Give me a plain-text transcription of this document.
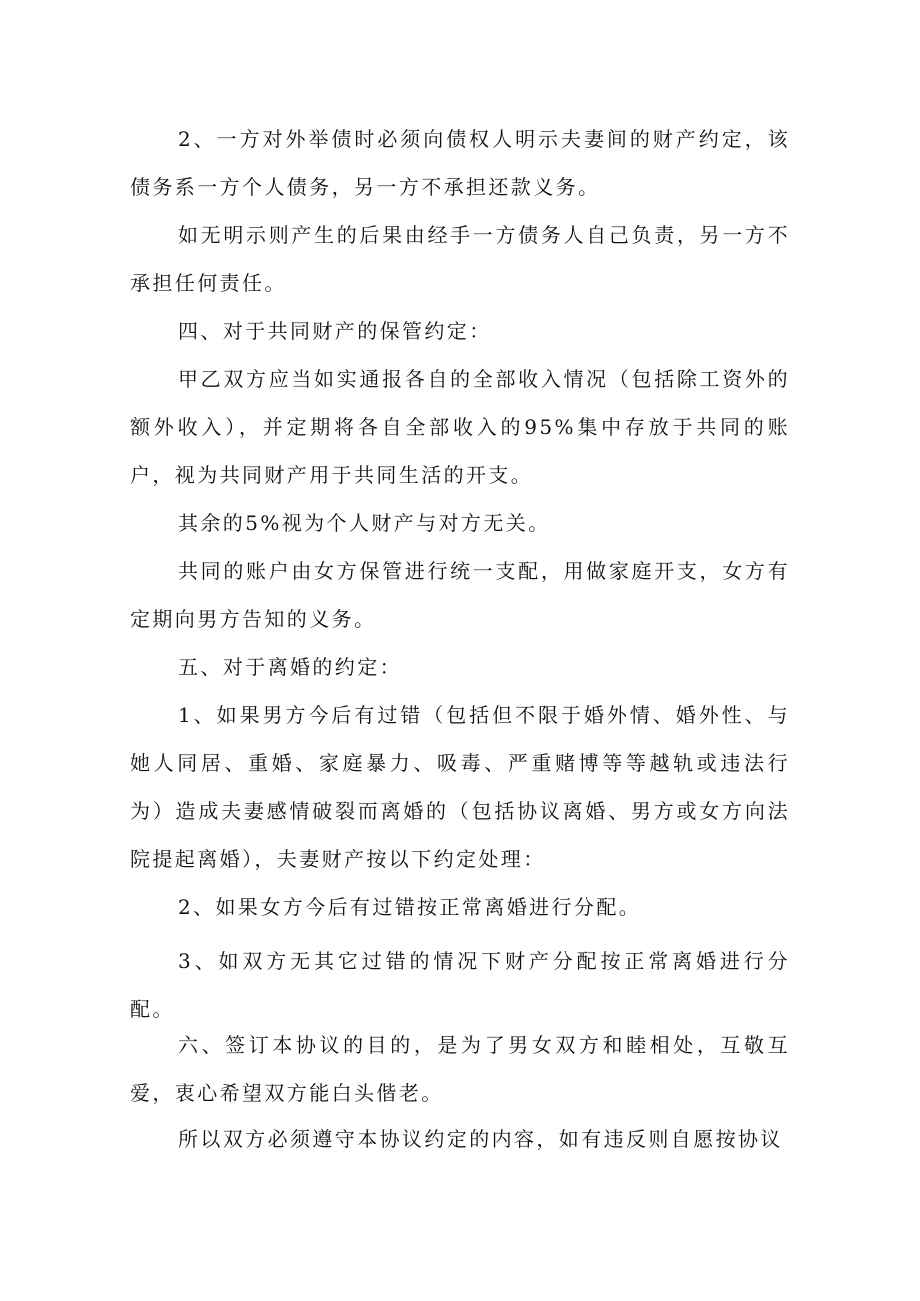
2、一方对外举债时必须向债权人明示夫妻间的财产约定，该债务系一方个人债务，另一方不承担还款义务。

如无明示则产生的后果由经手一方债务人自己负责，另一方不承担任何责任。

四、对于共同财产的保管约定：

甲乙双方应当如实通报各自的全部收入情况（包括除工资外的额外收入），并定期将各自全部收入的95%集中存放于共同的账户，视为共同财产用于共同生活的开支。

其余的5%视为个人财产与对方无关。

共同的账户由女方保管进行统一支配，用做家庭开支，女方有定期向男方告知的义务。

五、对于离婚的约定：

1、如果男方今后有过错（包括但不限于婚外情、婚外性、与她人同居、重婚、家庭暴力、吸毒、严重赌博等等越轨或违法行为）造成夫妻感情破裂而离婚的（包括协议离婚、男方或女方向法院提起离婚），夫妻财产按以下约定处理：

2、如果女方今后有过错按正常离婚进行分配。

3、如双方无其它过错的情况下财产分配按正常离婚进行分配。

六、签订本协议的目的，是为了男女双方和睦相处，互敬互爱，衷心希望双方能白头偕老。

所以双方必须遵守本协议约定的内容，如有违反则自愿按协议
